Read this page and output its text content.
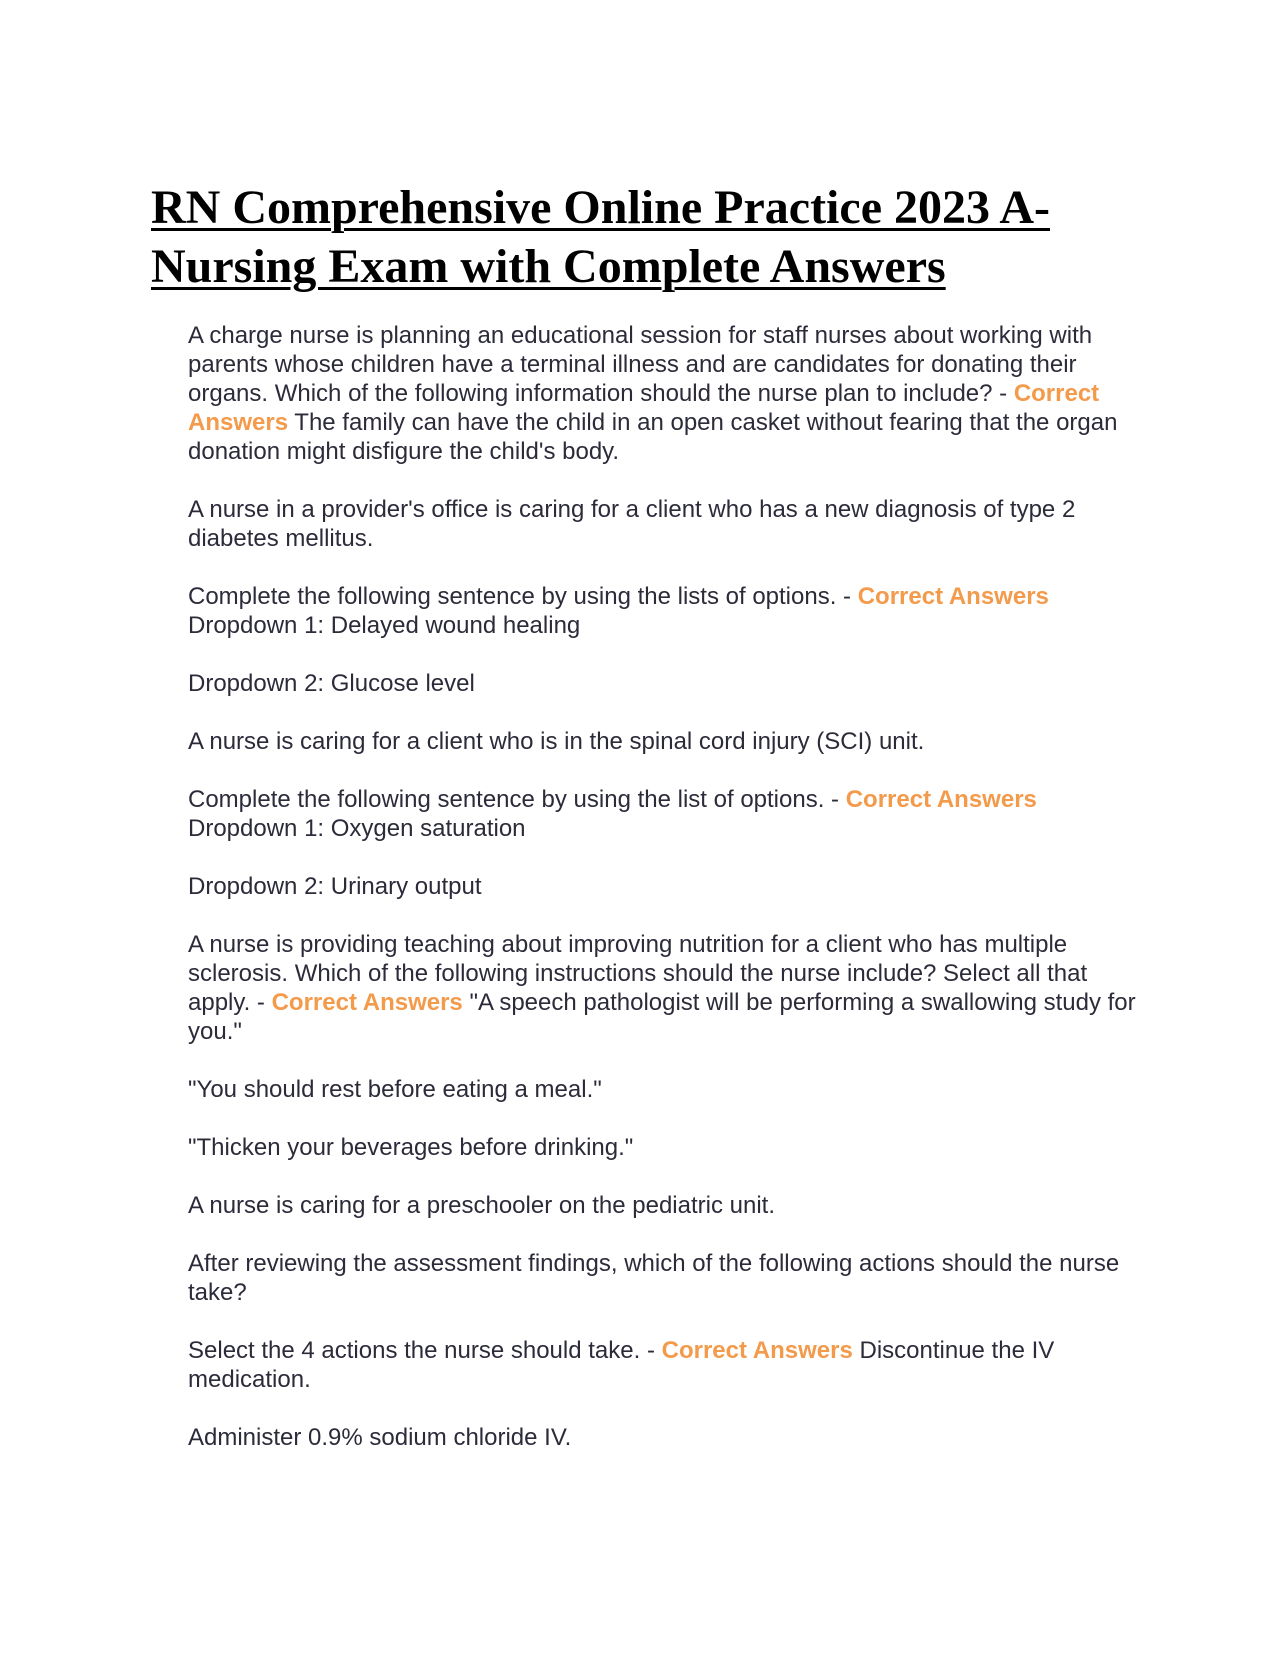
RN Comprehensive Online Practice 2023 A- Nursing Exam with Complete Answers

A charge nurse is planning an educational session for staff nurses about working with parents whose children have a terminal illness and are candidates for donating their organs. Which of the following information should the nurse plan to include? - Correct Answers The family can have the child in an open casket without fearing that the organ donation might disfigure the child's body.

A nurse in a provider's office is caring for a client who has a new diagnosis of type 2 diabetes mellitus.

Complete the following sentence by using the lists of options. - Correct Answers Dropdown 1: Delayed wound healing

Dropdown 2: Glucose level

A nurse is caring for a client who is in the spinal cord injury (SCI) unit.

Complete the following sentence by using the list of options. - Correct Answers Dropdown 1: Oxygen saturation

Dropdown 2: Urinary output

A nurse is providing teaching about improving nutrition for a client who has multiple sclerosis. Which of the following instructions should the nurse include? Select all that apply. - Correct Answers "A speech pathologist will be performing a swallowing study for you."

"You should rest before eating a meal."

"Thicken your beverages before drinking."

A nurse is caring for a preschooler on the pediatric unit.

After reviewing the assessment findings, which of the following actions should the nurse take?

Select the 4 actions the nurse should take. - Correct Answers Discontinue the IV medication.

Administer 0.9% sodium chloride IV.
